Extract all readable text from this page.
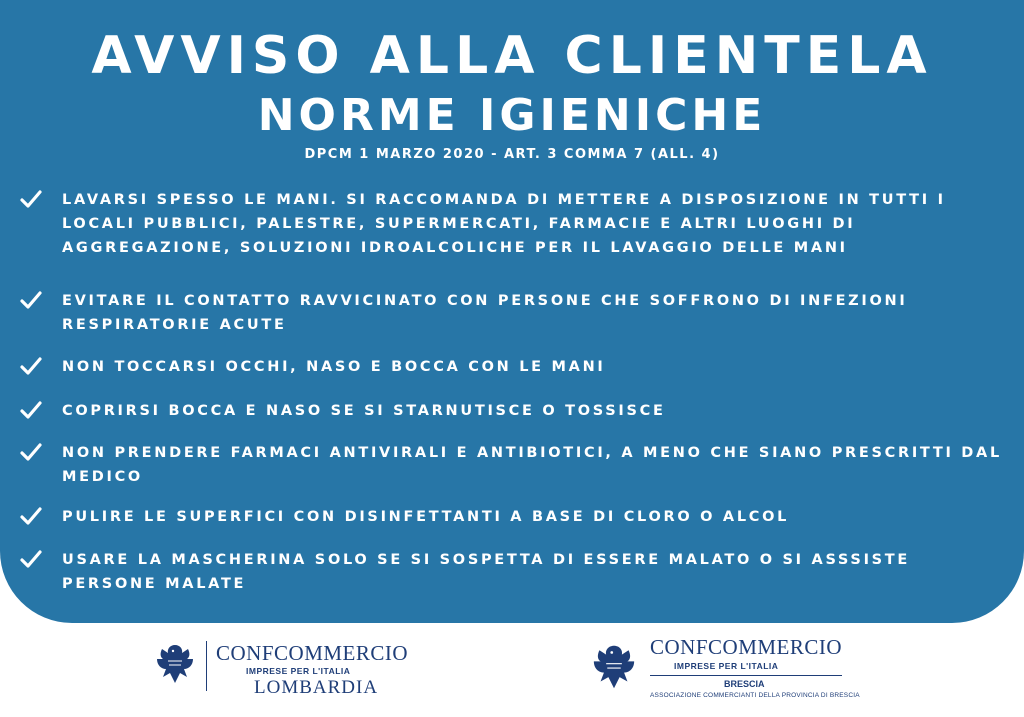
AVVISO ALLA CLIENTELA
NORME IGIENICHE
DPCM 1 MARZO 2020 - ART. 3 COMMA 7 (ALL. 4)
LAVARSI SPESSO LE MANI. SI RACCOMANDA DI METTERE A DISPOSIZIONE IN TUTTI I LOCALI PUBBLICI, PALESTRE, SUPERMERCATI, FARMACIE E ALTRI LUOGHI DI AGGREGAZIONE, SOLUZIONI IDROALCOLICHE PER IL LAVAGGIO DELLE MANI
EVITARE IL CONTATTO RAVVICINATO CON PERSONE CHE SOFFRONO DI INFEZIONI RESPIRATORIE ACUTE
NON TOCCARSI OCCHI, NASO E BOCCA CON LE MANI
COPRIRSI BOCCA E NASO SE SI STARNUTISCE O TOSSISCE
NON PRENDERE FARMACI ANTIVIRALI E ANTIBIOTICI, A MENO CHE SIANO PRESCRITTI DAL MEDICO
PULIRE LE SUPERFICI CON DISINFETTANTI A BASE DI CLORO O ALCOL
USARE LA MASCHERINA SOLO SE SI SOSPETTA DI ESSERE MALATO O SI ASSSISTE PERSONE MALATE
CONFCOMMERCIO
IMPRESE PER L'ITALIA
LOMBARDIA
CONFCOMMERCIO
IMPRESE PER L'ITALIA
BRESCIA
ASSOCIAZIONE COMMERCIANTI DELLA PROVINCIA DI BRESCIA
